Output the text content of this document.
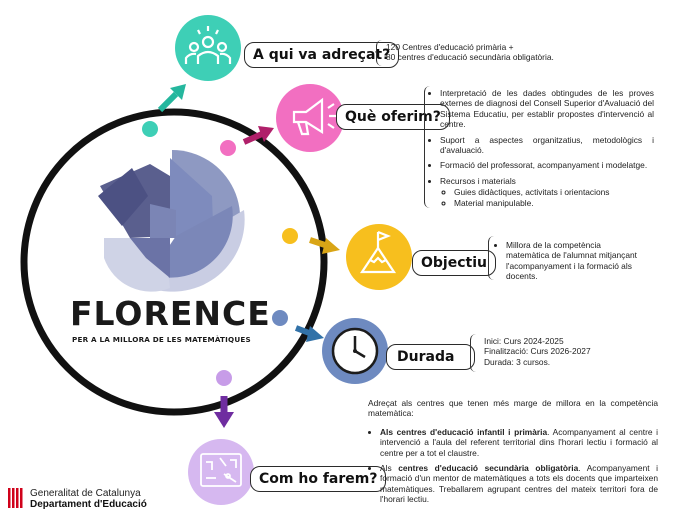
FLORENCE
PER A LA MILLORA DE LES MATEMÀTIQUES
A qui va adreçat?
Què oferim?
Objectiu
Durada
Com ho farem?
120 Centres d'educació primària +
80 centres d'educació secundària obligatòria.
• Interpretació de les dades obtingudes de les proves externes de diagnosi del Consell Superior d'Avaluació del Sistema Educatiu, per establir propostes d'intervenció al centre.
• Suport a aspectes organitzatius, metodològics i d'avaluació.
• Formació del professorat, acompanyament i modelatge.
• Recursos i materials
◦ Guies didàctiques, activitats i orientacions
◦ Material manipulable.
• Millora de la competència matemàtica de l'alumnat mitjançant l'acompanyament i la formació als docents.
Inici: Curs 2024-2025
Finalització: Curs 2026-2027
Durada: 3 cursos.
Adreçat als centres que tenen més marge de millora en la competència matemàtica:
• Als centres d'educació infantil i primària. Acompanyament al centre i intervenció a l'aula del referent territorial dins l'horari lectiu i formació al centre per a tot el claustre.
• Als centres d'educació secundària obligatòria. Acompanyament i formació d'un mentor de matemàtiques a tots els docents que imparteixen matemàtiques. Treballarem agrupant centres del mateix territori fora de l'horari lectiu.
Generalitat de Catalunya
Departament d'Educació
